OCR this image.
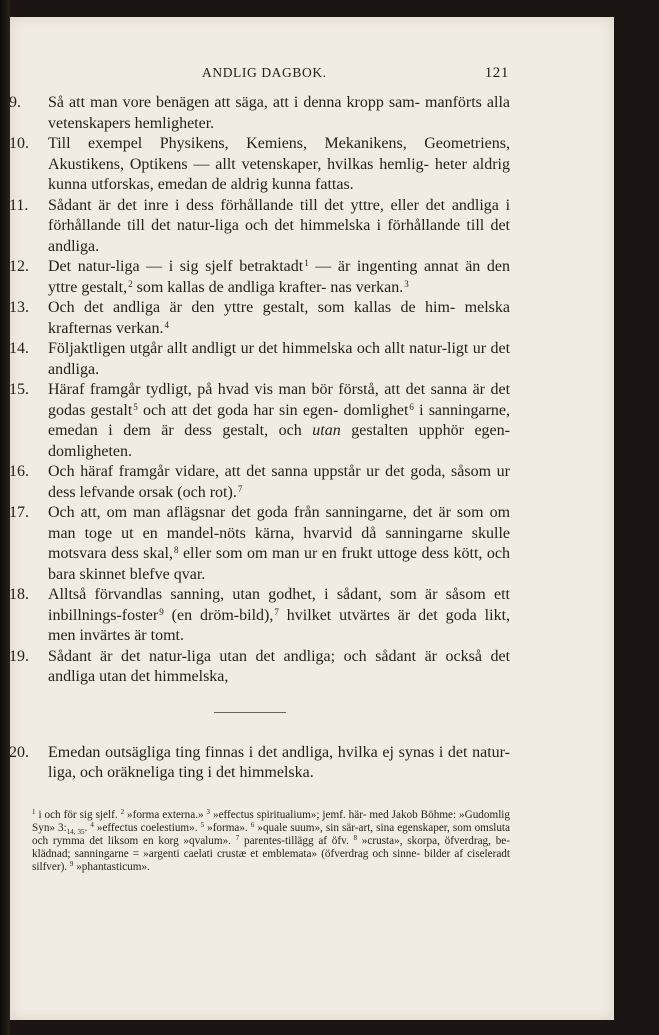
ANDLIG DAGBOK.	121
9.	Så att man vore benägen att säga, att i denna kropp sam- manförts alla vetenskapers hemligheter.
10.	Till exempel Physikens, Kemiens, Mekanikens, Geometriens, Akustikens, Optikens — allt vetenskaper, hvilkas hemlig- heter aldrig kunna utforskas, emedan de aldrig kunna fattas.
11.	Sådant är det inre i dess förhållande till det yttre, eller det andliga i förhållande till det natur-liga och det himmelska i förhållande till det andliga.
12.	Det natur-liga — i sig sjelf betraktadt$^1$ — är ingenting annat än den yttre gestalt,$^2$ som kallas de andliga krafter- nas verkan.$^3$
13.	Och det andliga är den yttre gestalt, som kallas de him- melska krafternas verkan.$^4$
14.	Följaktligen utgår allt andligt ur det himmelska och allt natur-ligt ur det andliga.
15.	Häraf framgår tydligt, på hvad vis man bör förstå, att det sanna är det godas gestalt$^5$ och att det goda har sin egen- domlighet$^6$ i sanningarne, emedan i dem är dess gestalt, och utan gestalten upphör egen-domligheten.
16.	Och häraf framgår vidare, att det sanna uppstår ur det goda, såsom ur dess lefvande orsak (och rot).$^7$
17.	Och att, om man aflägsnar det goda från sanningarne, det är som om man toge ut en mandel-nöts kärna, hvarvid då sanningarne skulle motsvara dess skal,$^8$ eller som om man ur en frukt uttoge dess kött, och bara skinnet blefve qvar.
18.	Alltså förvandlas sanning, utan godhet, i sådant, som är såsom ett inbillnings-foster$^9$ (en dröm-bild),$^7$ hvilket utvärtes är det goda likt, men invärtes är tomt.
19.	Sådant är det natur-liga utan det andliga; och sådant är också det andliga utan det himmelska,
20.	Emedan outsägliga ting finnas i det andliga, hvilka ej synas i det natur-liga, och oräkneliga ting i det himmelska.
$^1$ i och för sig sjelf. $^2$ »forma externa.» $^3$ »effectus spiritualium»; jemf. här- med Jakob Böhme: »Gudomlig Syn» $3:_{14, 35}$. $^4$ »effectus coelestium». $^5$ »forma». $^6$ »quale suum», sin sär-art, sina egenskaper, som omsluta och rymma det liksom en korg »qvalum». $^7$ parentes-tillägg af öfv. $^8$ »crusta», skorpa, öfverdrag, be- klädnad; sanningarne = »argenti caelati crustæ et emblemata» (öfverdrag och sinne- bilder af ciseleradt silfver). $^9$ »phantasticum».
